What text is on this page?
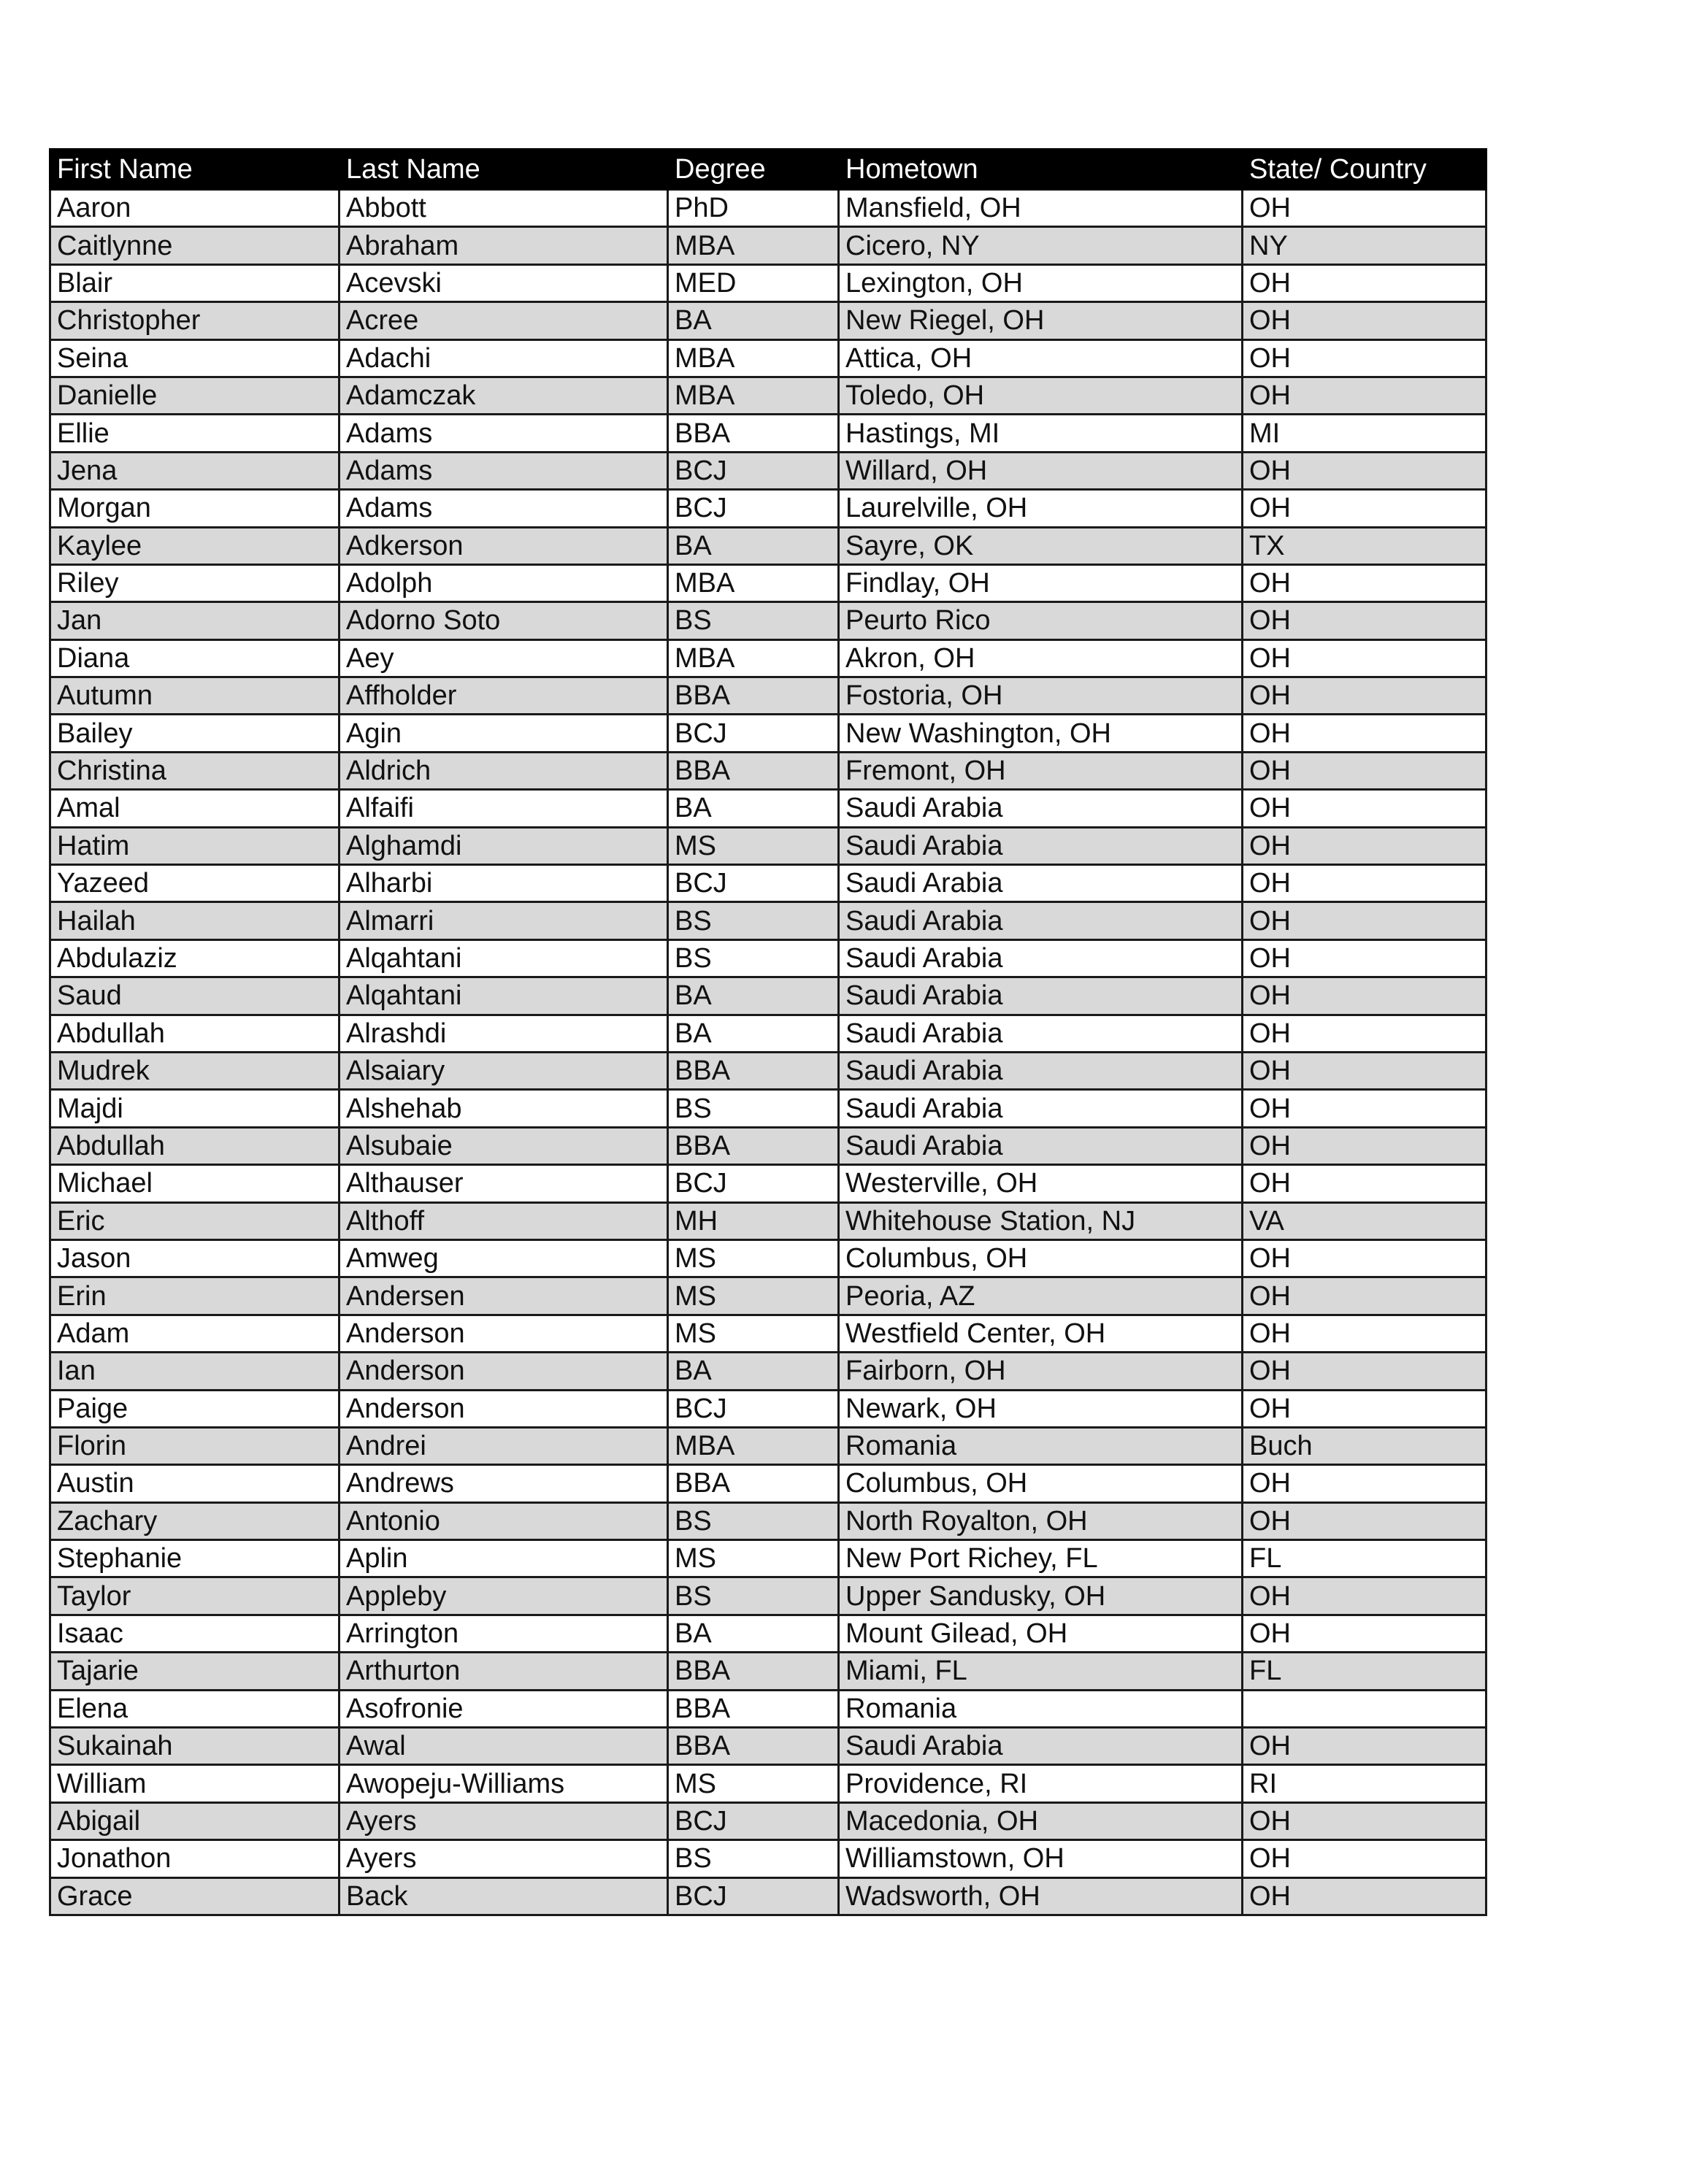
First Name	Last Name	Degree	Hometown	State/ Country
Aaron	Abbott	PhD	Mansfield, OH	OH
Caitlynne	Abraham	MBA	Cicero, NY	NY
Blair	Acevski	MED	Lexington, OH	OH
Christopher	Acree	BA	New Riegel, OH	OH
Seina	Adachi	MBA	Attica, OH	OH
Danielle	Adamczak	MBA	Toledo, OH	OH
Ellie	Adams	BBA	Hastings, MI	MI
Jena	Adams	BCJ	Willard, OH	OH
Morgan	Adams	BCJ	Laurelville, OH	OH
Kaylee	Adkerson	BA	Sayre, OK	TX
Riley	Adolph	MBA	Findlay, OH	OH
Jan	Adorno Soto	BS	Peurto Rico	OH
Diana	Aey	MBA	Akron, OH	OH
Autumn	Affholder	BBA	Fostoria, OH	OH
Bailey	Agin	BCJ	New Washington, OH	OH
Christina	Aldrich	BBA	Fremont, OH	OH
Amal	Alfaifi	BA	Saudi Arabia	OH
Hatim	Alghamdi	MS	Saudi Arabia	OH
Yazeed	Alharbi	BCJ	Saudi Arabia	OH
Hailah	Almarri	BS	Saudi Arabia	OH
Abdulaziz	Alqahtani	BS	Saudi Arabia	OH
Saud	Alqahtani	BA	Saudi Arabia	OH
Abdullah	Alrashdi	BA	Saudi Arabia	OH
Mudrek	Alsaiary	BBA	Saudi Arabia	OH
Majdi	Alshehab	BS	Saudi Arabia	OH
Abdullah	Alsubaie	BBA	Saudi Arabia	OH
Michael	Althauser	BCJ	Westerville, OH	OH
Eric	Althoff	MH	Whitehouse Station, NJ	VA
Jason	Amweg	MS	Columbus, OH	OH
Erin	Andersen	MS	Peoria, AZ	OH
Adam	Anderson	MS	Westfield Center, OH	OH
Ian	Anderson	BA	Fairborn, OH	OH
Paige	Anderson	BCJ	Newark, OH	OH
Florin	Andrei	MBA	Romania	Buch
Austin	Andrews	BBA	Columbus, OH	OH
Zachary	Antonio	BS	North Royalton, OH	OH
Stephanie	Aplin	MS	New Port Richey, FL	FL
Taylor	Appleby	BS	Upper Sandusky, OH	OH
Isaac	Arrington	BA	Mount Gilead, OH	OH
Tajarie	Arthurton	BBA	Miami, FL	FL
Elena	Asofronie	BBA	Romania	
Sukainah	Awal	BBA	Saudi Arabia	OH
William	Awopeju-Williams	MS	Providence, RI	RI
Abigail	Ayers	BCJ	Macedonia, OH	OH
Jonathon	Ayers	BS	Williamstown, OH	OH
Grace	Back	BCJ	Wadsworth, OH	OH
